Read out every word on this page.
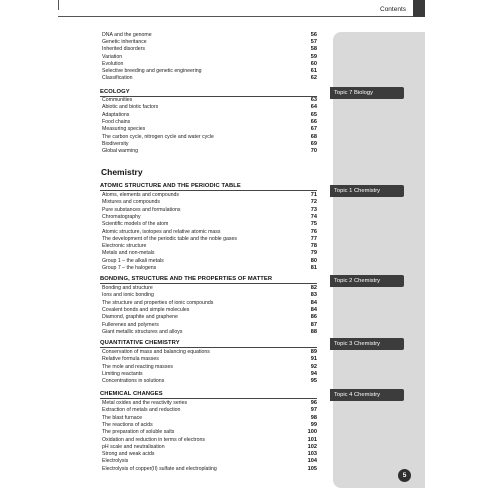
Contents
Topic 7 Biology
Topic 1 Chemistry
Topic 2 Chemistry
Topic 3 Chemistry
Topic 4 Chemistry
Chemistry
DNA and the genome	56
Genetic inheritance	57
Inherited disorders	58
Variation	59
Evolution	60
Selective breeding and genetic engineering	61
Classification	62
ECOLOGY
Communities	63
Abiotic and biotic factors	64
Adaptations	65
Food chains	66
Measuring species	67
The carbon cycle, nitrogen cycle and water cycle	68
Biodiversity	69
Global warming	70
ATOMIC STRUCTURE AND THE PERIODIC TABLE
Atoms, elements and compounds	71
Mixtures and compounds	72
Pure substances and formulations	73
Chromatography	74
Scientific models of the atom	75
Atomic structure, isotopes and relative atomic mass	76
The development of the periodic table and the noble gases	77
Electronic structure	78
Metals and non-metals	79
Group 1 – the alkali metals	80
Group 7 – the halogens	81
BONDING, STRUCTURE AND THE PROPERTIES OF MATTER
Bonding and structure	82
Ions and ionic bonding	83
The structure and properties of ionic compounds	84
Covalent bonds and simple molecules	84
Diamond, graphite and graphene	86
Fullerenes and polymers	87
Giant metallic structures and alloys	88
QUANTITATIVE CHEMISTRY
Conservation of mass and balancing equations	89
Relative formula masses	91
The mole and reacting masses	92
Limiting reactants	94
Concentrations in solutions	95
CHEMICAL CHANGES
Metal oxides and the reactivity series	96
Extraction of metals and reduction	97
The blast furnace	98
The reactions of acids	99
The preparation of soluble salts	100
Oxidation and reduction in terms of electrons	101
pH scale and neutralisation	102
Strong and weak acids	103
Electrolysis	104
Electrolysis of copper(II) sulfate and electroplating	105
5
